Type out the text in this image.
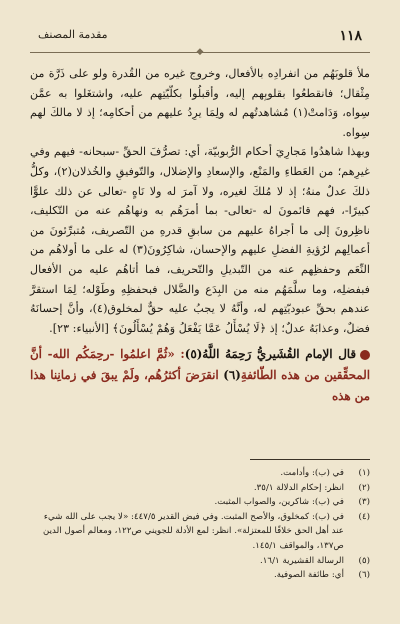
١١٨
مقدمة المصنف
◆

ملأ قلوبَهُم من انفرادِه بالأفعال، وخروج غيره من القُدرة ولو على ذَرَّة من مِثْقال؛ فانقطعُوا بقلوبِهم إليه، وأقبلُوا بكلّيّتِهم عليه، واشتغَلوا به عمَّن سِواه، وَدَامتْ(١) مُشاهدتُهم له ولِمَا يرِدُ عليهم من أحكامِه؛ إذ لا مالكَ لهم سِواه.

وبهذا شاهدُوا مَجارِيَ أحكام الرُّبوبيّة، أي: تصرُّفَ الحقِّ -سبحانه- فيهم وفي غيرِهم؛ من العَطاءِ والمَنْع، والإسعادِ والإضلال، والتّوفيقِ والخُذلان(٢)، وكلُّ ذلكَ عدلٌ منهُ؛ إذ لا مُلكَ لغيره، ولا آمرَ له ولا نَاهٍ -تعالى عن ذلك علوًّا كبيرًا-، فهم قائمونَ له -تعالى- بما أمرَهُم به ونهاهُم عنه من التّكليف، ناظِرونَ إلى ما أجراهُ عليهم من سابقِ قدرهِ من التّصريف، مُتبرِّئونَ من أعمالِهم لرُؤيةِ الفضلِ عليهم والإحسان، شاكِرُونَ(٣) له على ما أولاهُم من النِّعَم وحفظِهم عنه من التّبديلِ والتّحريف، فما أتاهُم عليه من الأفعال فبفضلِه، وما سلَّمَهُم منه من البِدَع والضَّلال فبحفظِهِ وطَوْله؛ لِمَا استقرَّ عندهم بحقِّ عبوديّتِهم له، وأنَّهُ لا يجبُ عليه حقٌّ لمخلوق(٤)، وأنَّ إحسانَهُ فضلٌ، وعذابَهُ عدلٌ؛ إذ ﴿لَا يُسْأَلُ عَمَّا يَفْعَلُ وَهُمْ يُسْأَلُونَ﴾ [الأنبياء: ٢٣].

قال الإمام القُشَيريُّ رَحِمَهُ اللَّهُ(٥): «ثُمَّ اعلمُوا -رحِمَكُم الله- أنَّ المحقِّقين من هذه الطّائفةِ(٦) انقرَضَ أكثرُهُم، ولَمْ يبقَ في زمانِنا هذا من هذه

(١)
في (ب): وأدامت.
(٢)
انظر: إحكام الدلالة ٣٥/١.
(٣)
في (ب): شاكرين، والصواب المثبت.
(٤)
في (ب): كمخلوق، والأصح المثبت. وفي فيض القدير ٤٤٧/٥: «لا يجب على الله شيء عند أهل الحق خلافًا للمعتزلة». انظر: لمع الأدلة للجويني ص١٢٢، ومعالم أصول الدين ص١٣٧، والمواقف ١٤٥/١.
(٥)
الرسالة القشيرية ١٦/١.
(٦)
أي: طائفة الصوفية.
